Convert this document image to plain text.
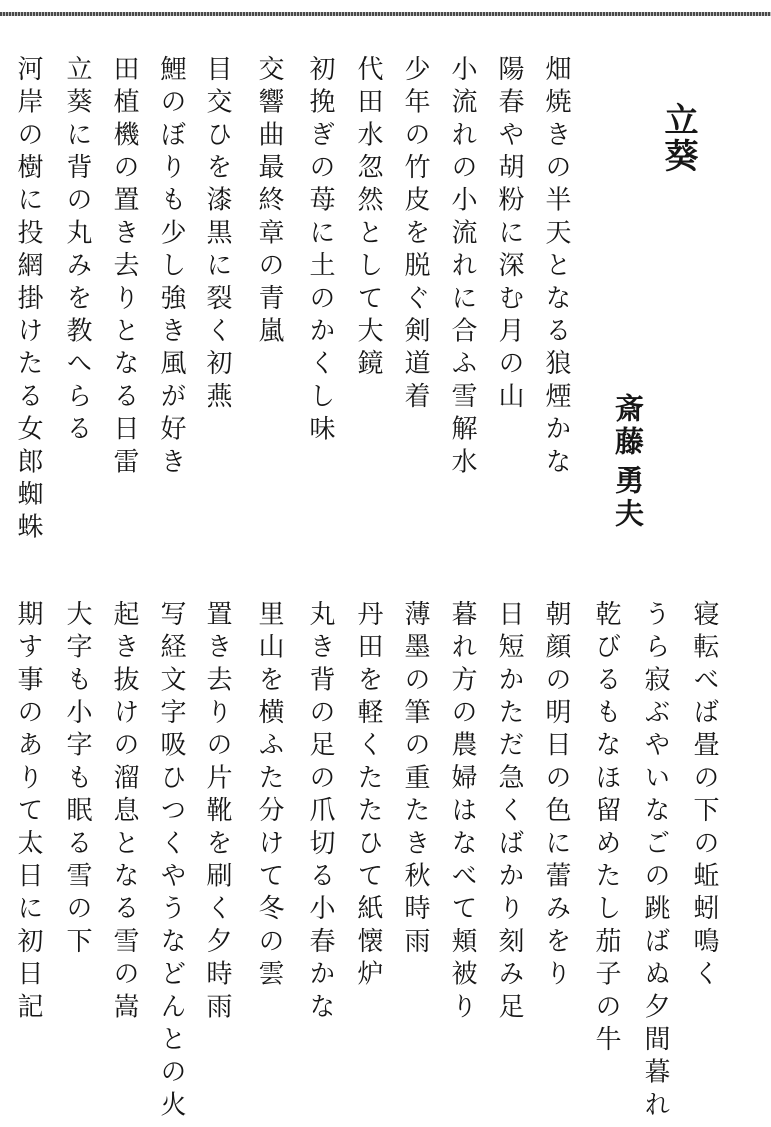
立葵
斎藤
勇夫
畑焼きの半天となる狼煙かな
陽春や胡粉に深む月の山
小流れの小流れに合ふ雪解水
少年の竹皮を脱ぐ剣道着
代田水忽然として大鏡
初挽ぎの苺に土のかくし味
交響曲最終章の青嵐
目交ひを漆黒に裂く初燕
鯉のぼりも少し強き風が好き
田植機の置き去りとなる日雷
立葵に背の丸みを教へらる
河岸の樹に投網掛けたる女郎蜘蛛
寝転べば畳の下の蚯蚓鳴く
うら寂ぶやいなごの跳ばぬ夕間暮れ
乾びるもなほ留めたし茄子の牛
朝顔の明日の色に蕾みをり
日短かただ急くばかり刻み足
暮れ方の農婦はなべて頬被り
薄墨の筆の重たき秋時雨
丹田を軽くたたひて紙懐炉
丸き背の足の爪切る小春かな
里山を横ふた分けて冬の雲
置き去りの片靴を刷く夕時雨
写経文字吸ひつくやうなどんとの火
起き抜けの溜息となる雪の嵩
大字も小字も眠る雪の下
期す事のありて太日に初日記
